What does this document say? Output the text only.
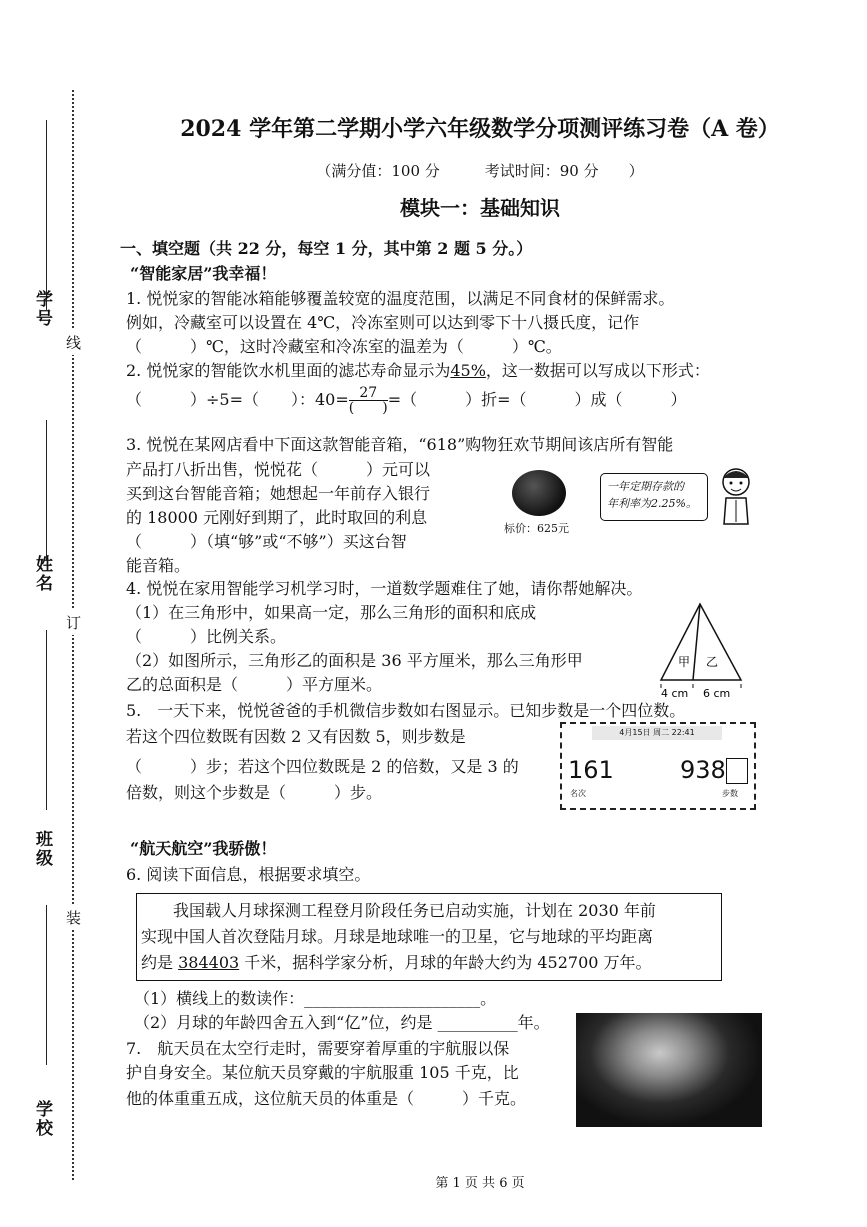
学号
姓名
班级
学校
线
订
装
2024 学年第二学期小学六年级数学分项测评练习卷（A 卷）
（满分值：100 分　　　考试时间：90 分　　）
模块一：基础知识
一、填空题（共 22 分，每空 1 分，其中第 2 题 5 分。）
“智能家居”我幸福！
1. 悦悦家的智能冰箱能够覆盖较宽的温度范围，以满足不同食材的保鲜需求。
例如，冷藏室可以设置在 4℃，冷冻室则可以达到零下十八摄氏度，记作
（　　　）℃，这时冷藏室和冷冻室的温差为（　　　）℃。
2. 悦悦家的智能饮水机里面的滤芯寿命显示为45%，这一数据可以写成以下形式：
（　　　）÷5=（　　）：$40= \frac{27}{( )}$ =（　　　）折=（　　　）成（　　　）
3. 悦悦在某网店看中下面这款智能音箱，“618”购物狂欢节期间该店所有智能
产品打八折出售，悦悦花（　　　）元可以
买到这台智能音箱；她想起一年前存入银行
的 18000 元刚好到期了，此时取回的利息
（　　　）（填“够”或“不够”）买这台智
能音箱。
标价：625元
一年定期存款的
年利率为2.25%。
4. 悦悦在家用智能学习机学习时，一道数学题难住了她，请你帮她解决。
（1）在三角形中，如果高一定，那么三角形的面积和底成
（　　　）比例关系。
（2）如图所示，三角形乙的面积是 36 平方厘米，那么三角形甲
乙的总面积是（　　　）平方厘米。
甲 乙
4 cm 6 cm
5.　一天下来，悦悦爸爸的手机微信步数如右图显示。已知步数是一个四位数。
若这个四位数既有因数 2 又有因数 5，则步数是
（　　　）步；若这个四位数既是 2 的倍数，又是 3 的
倍数，则这个步数是（　　　）步。
4月15日 周二 22:41
161
名次
938
步数
“航天航空”我骄傲！
6. 阅读下面信息，根据要求填空。
我国载人月球探测工程登月阶段任务已启动实施，计划在 2030 年前
实现中国人首次登陆月球。月球是地球唯一的卫星，它与地球的平均距离
约是 384403 千米，据科学家分析，月球的年龄大约为 452700 万年。
（1）横线上的数读作：______________________。
（2）月球的年龄四舍五入到“亿”位，约是 __________年。
7.　航天员在太空行走时，需要穿着厚重的宇航服以保
护自身安全。某位航天员穿戴的宇航服重 105 千克，比
他的体重重五成，这位航天员的体重是（　　　）千克。
第 1 页 共 6 页
